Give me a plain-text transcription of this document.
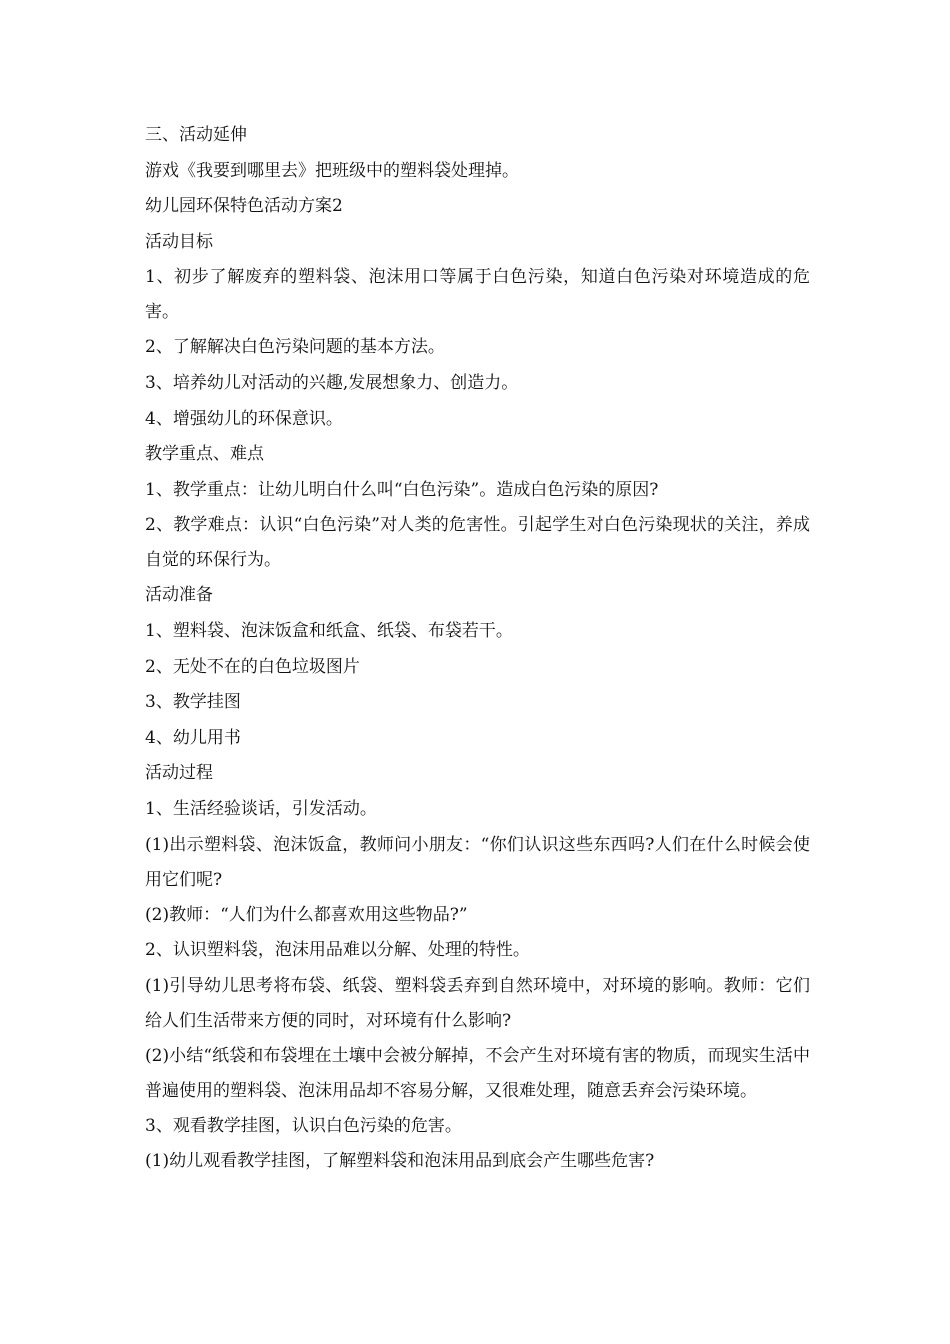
三、活动延伸

游戏《我要到哪里去》把班级中的塑料袋处理掉。

幼儿园环保特色活动方案2

活动目标

1、初步了解废弃的塑料袋、泡沫用口等属于白色污染，知道白色污染对环境造成的危害。

2、了解解决白色污染问题的基本方法。

3、培养幼儿对活动的兴趣,发展想象力、创造力。

4、增强幼儿的环保意识。

教学重点、难点

1、教学重点：让幼儿明白什么叫“白色污染”。造成白色污染的原因?

2、教学难点：认识“白色污染”对人类的危害性。引起学生对白色污染现状的关注，养成自觉的环保行为。

活动准备

1、塑料袋、泡沫饭盒和纸盒、纸袋、布袋若干。

2、无处不在的白色垃圾图片

3、教学挂图

4、幼儿用书

活动过程

1、生活经验谈话，引发活动。

(1)出示塑料袋、泡沫饭盒，教师问小朋友：“你们认识这些东西吗?人们在什么时候会使用它们呢?

(2)教师：“人们为什么都喜欢用这些物品?”

2、认识塑料袋，泡沫用品难以分解、处理的特性。

(1)引导幼儿思考将布袋、纸袋、塑料袋丢弃到自然环境中，对环境的影响。教师：它们给人们生活带来方便的同时，对环境有什么影响?

(2)小结“纸袋和布袋埋在土壤中会被分解掉，不会产生对环境有害的物质，而现实生活中普遍使用的塑料袋、泡沫用品却不容易分解，又很难处理，随意丢弃会污染环境。

3、观看教学挂图，认识白色污染的危害。

(1)幼儿观看教学挂图，了解塑料袋和泡沫用品到底会产生哪些危害?
